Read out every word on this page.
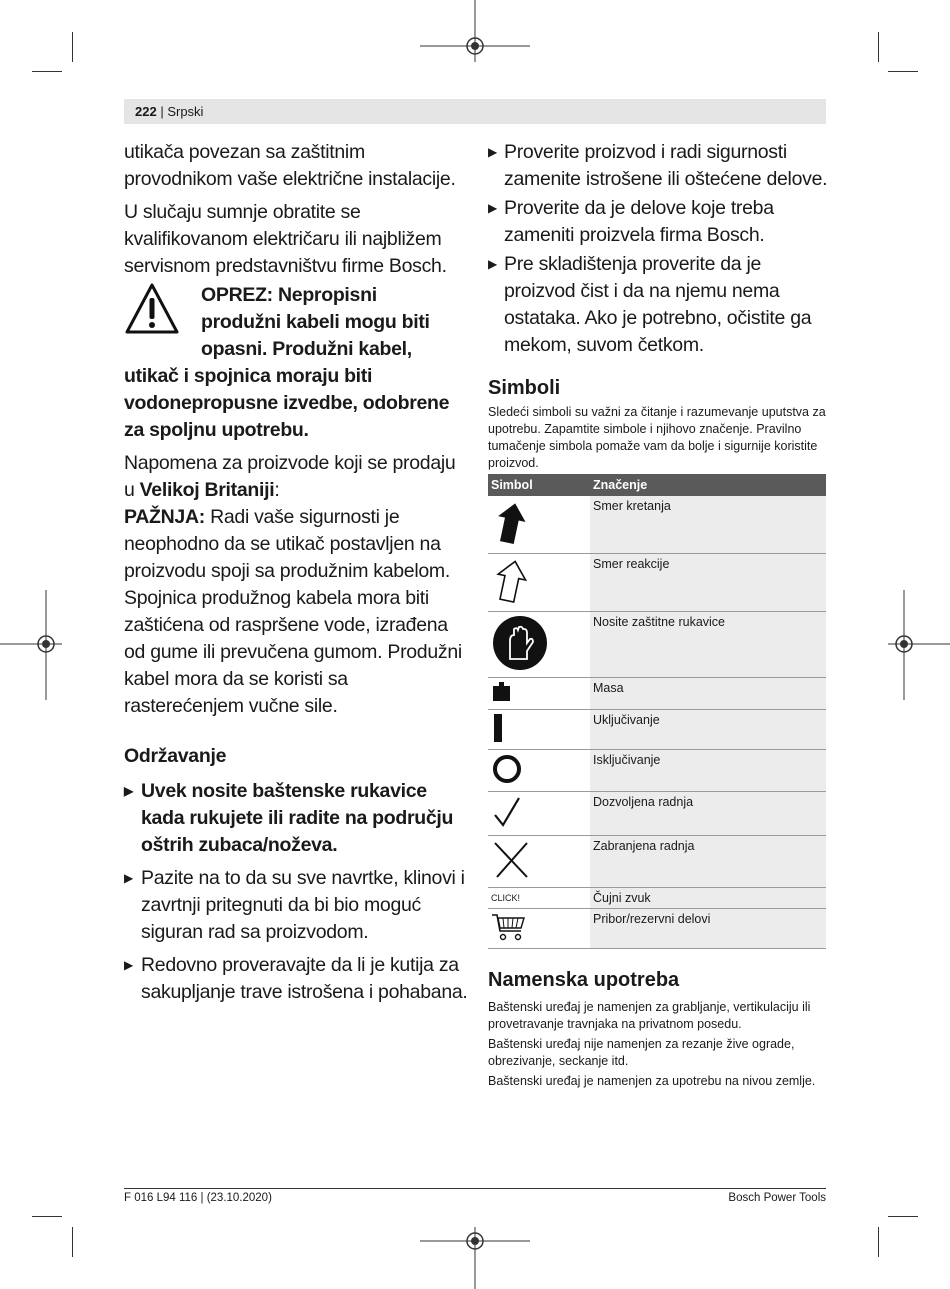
222 | Srpski

utikača povezan sa zaštitnim provodnikom vaše električne instalacije.

U slučaju sumnje obratite se kvalifikovanom električaru ili najbližem servisnom predstavništvu firme Bosch.

OPREZ: Nepropisni
produžni kabeli mogu biti
opasni. Produžni kabel,
utikač i spojnica moraju biti vodonepropusne izvedbe, odobrene za spoljnu upotrebu.

Napomena za proizvode koji se prodaju u Velikoj Britaniji:

PAŽNJA: Radi vaše sigurnosti je neophodno da se utikač postavljen na proizvodu spoji sa produžnim kabelom. Spojnica produžnog kabela mora biti zaštićena od raspršene vode, izrađena od gume ili prevučena gumom. Produžni kabel mora da se koristi sa rasterećenjem vučne sile.

Održavanje
▶ Uvek nosite baštenske rukavice kada rukujete ili radite na području oštrih zubaca/noževa.
▶ Pazite na to da su sve navrtke, klinovi i zavrtnji pritegnuti da bi bio moguć siguran rad sa proizvodom.
▶ Redovno proveravajte da li je kutija za sakupljanje trave istrošena i pohabana.
▶ Proverite proizvod i radi sigurnosti zamenite istrošene ili oštećene delove.
▶ Proverite da je delove koje treba zameniti proizvela firma Bosch.
▶ Pre skladištenja proverite da je proizvod čist i da na njemu nema ostataka. Ako je potrebno, očistite ga mekom, suvom četkom.
Simboli
Sledeći simboli su važni za čitanje i razumevanje uputstva za upotrebu. Zapamtite simbole i njihovo značenje. Pravilno tumačenje simbola pomaže vam da bolje i sigurnije koristite proizvod.
Simbol	Značenje
	Smer kretanja
	Smer reakcije
	Nosite zaštitne rukavice
	Masa
	Uključivanje
	Isključivanje
	Dozvoljena radnja
	Zabranjena radnja
CLICK!	Čujni zvuk
	Pribor/rezervni delovi
Namenska upotreba
Baštenski uređaj je namenjen za grabljanje, vertikulaciju ili provetravanje travnjaka na privatnom posedu.
Baštenski uređaj nije namenjen za rezanje žive ograde, obrezivanje, seckanje itd.
Baštenski uređaj je namenjen za upotrebu na nivou zemlje.
F 016 L94 116 | (23.10.2020)	Bosch Power Tools
